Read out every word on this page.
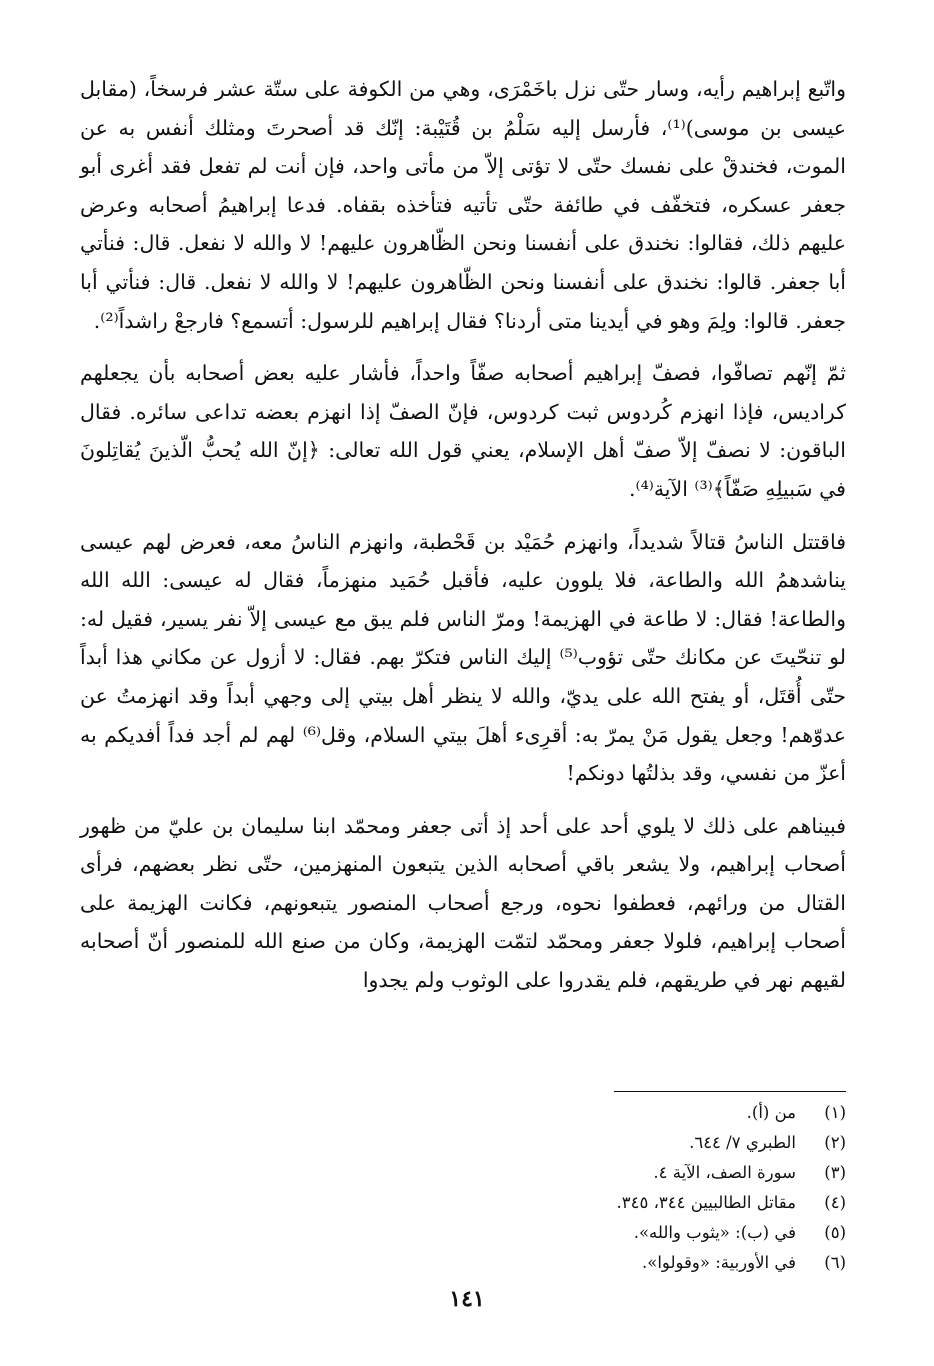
واتّبع إبراهيم رأيه، وسار حتّى نزل باخَمْرَى، وهي من الكوفة على ستّة عشر فرسخاً، (مقابل عيسى بن موسى)⁽¹⁾، فأرسل إليه سَلْمُ بن قُتَيْبة: إنّك قد أصحرتَ ومثلك أنفس به عن الموت، فخندقْ على نفسك حتّى لا تؤتى إلاّ من مأتى واحد، فإن أنت لم تفعل فقد أغرى أبو جعفر عسكره، فتخفّف في طائفة حتّى تأتيه فتأخذه بقفاه. فدعا إبراهيمُ أصحابه وعرض عليهم ذلك، فقالوا: نخندق على أنفسنا ونحن الظّاهرون عليهم! لا والله لا نفعل. قال: فنأتي أبا جعفر. قالوا: نخندق على أنفسنا ونحن الظّاهرون عليهم! لا والله لا نفعل. قال: فنأتي أبا جعفر. قالوا: ولِمَ وهو في أيدينا متى أردنا؟ فقال إبراهيم للرسول: أتسمع؟ فارجعْ راشداً⁽²⁾.

ثمّ إنّهم تصافّوا، فصفّ إبراهيم أصحابه صفّاً واحداً، فأشار عليه بعض أصحابه بأن يجعلهم كراديس، فإذا انهزم كُردوس ثبت كردوس، فإنّ الصفّ إذا انهزم بعضه تداعى سائره. فقال الباقون: لا نصفّ إلاّ صفّ أهل الإسلام، يعني قول الله تعالى: ﴿إنّ الله يُحبُّ الّذينَ يُقاتِلونَ في سَبيلِهِ صَفّاً﴾⁽³⁾ الآية⁽⁴⁾.

فاقتتل الناسُ قتالاً شديداً، وانهزم حُمَيْد بن قَحْطبة، وانهزم الناسُ معه، فعرض لهم عيسى يناشدهمُ الله والطاعة، فلا يلوون عليه، فأقبل حُمَيد منهزماً، فقال له عيسى: الله الله والطاعة! فقال: لا طاعة في الهزيمة! ومرّ الناس فلم يبق مع عيسى إلاّ نفر يسير، فقيل له: لو تنحّيتَ عن مكانك حتّى تؤوب⁽⁵⁾ إليك الناس فتكرّ بهم. فقال: لا أزول عن مكاني هذا أبداً حتّى أُقتَل، أو يفتح الله على يديّ، والله لا ينظر أهل بيتي إلى وجهي أبداً وقد انهزمتُ عن عدوّهم! وجعل يقول مَنْ يمرّ به: أقرِىء أهلَ بيتي السلام، وقل⁽⁶⁾ لهم لم أجد فداً أفديكم به أعزّ من نفسي، وقد بذلتُها دونكم!

فبيناهم على ذلك لا يلوي أحد على أحد إذ أتى جعفر ومحمّد ابنا سليمان بن عليّ من ظهور أصحاب إبراهيم، ولا يشعر باقي أصحابه الذين يتبعون المنهزمين، حتّى نظر بعضهم، فرأى القتال من ورائهم، فعطفوا نحوه، ورجع أصحاب المنصور يتبعونهم، فكانت الهزيمة على أصحاب إبراهيم، فلولا جعفر ومحمّد لتمّت الهزيمة، وكان من صنع الله للمنصور أنّ أصحابه لقيهم نهر في طريقهم، فلم يقدروا على الوثوب ولم يجدوا

(١)
من (أ).
(٢)
الطبري ٧/ ٦٤٤.
(٣)
سورة الصف، الآية ٤.
(٤)
مقاتل الطالبيين ٣٤٤، ٣٤٥.
(٥)
في (ب): «يثوب والله».
(٦)
في الأوربية: «وقولوا».
١٤١
